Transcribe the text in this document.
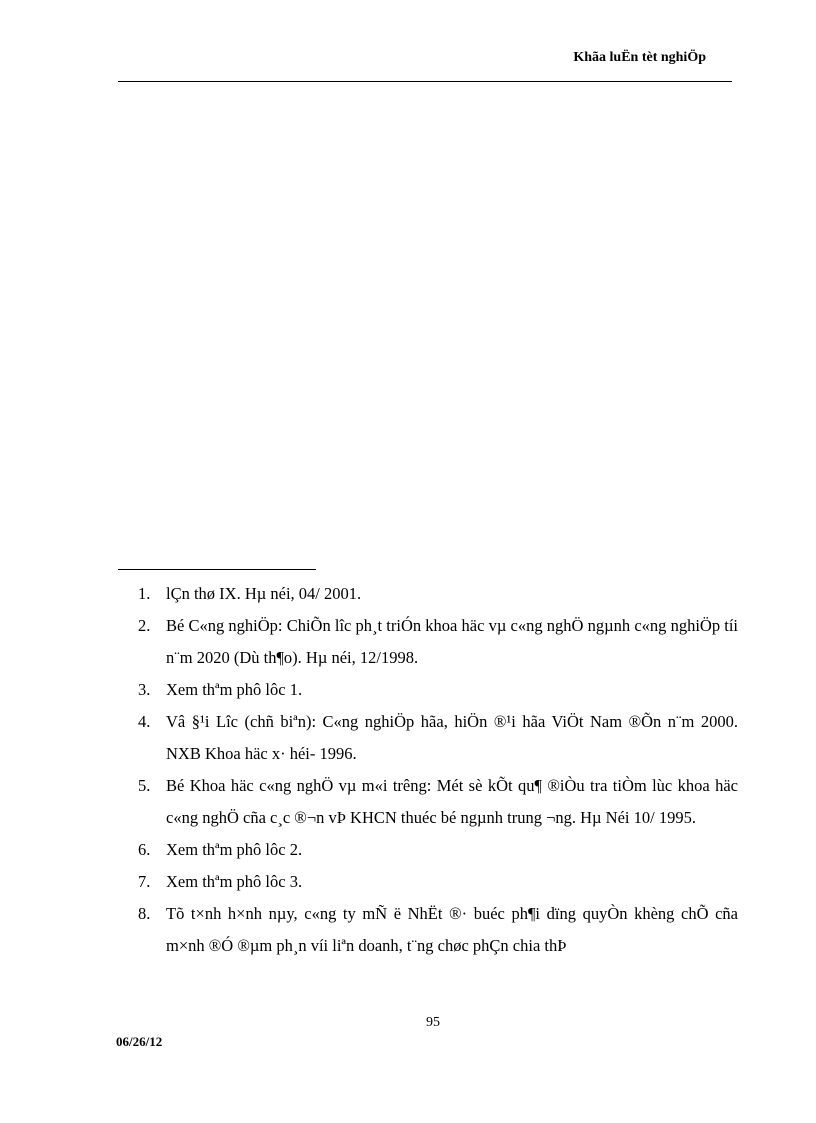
Khãa luËn tèt nghiÖp
1. lÇn thø IX. Hµ néi, 04/ 2001.
2. Bé C«ng nghiÖp: ChiÕn lîc ph¸t triÓn khoa häc vµ c«ng nghÖ ngµnh c«ng nghiÖp tíi n¨m 2020 (Dù th¶o). Hµ néi, 12/1998.
3. Xem thªm phô lôc 1.
4. Vâ §¹i Lîc (chñ biªn): C«ng nghiÖp hãa, hiÖn ®¹i hãa ViÖt Nam ®Õn n¨m 2000. NXB Khoa häc x· héi- 1996.
5. Bé Khoa häc c«ng nghÖ vµ m«i trêng: Mét sè kÕt qu¶ ®iÒu tra tiÒm lùc khoa häc c«ng nghÖ cña c¸c ®¬n vÞ KHCN thuéc bé ngµnh trung ¬ng. Hµ Néi 10/ 1995.
6. Xem thªm phô lôc 2.
7. Xem thªm phô lôc 3.
8. Tõ t×nh h×nh nµy, c«ng ty mÑ ë NhËt ®· buéc ph¶i dïng quyÒn khèng chÕ cña m×nh ®Ó ®µm ph¸n víi liªn doanh, t¨ng chøc phÇn chia thÞ
95
06/26/12
